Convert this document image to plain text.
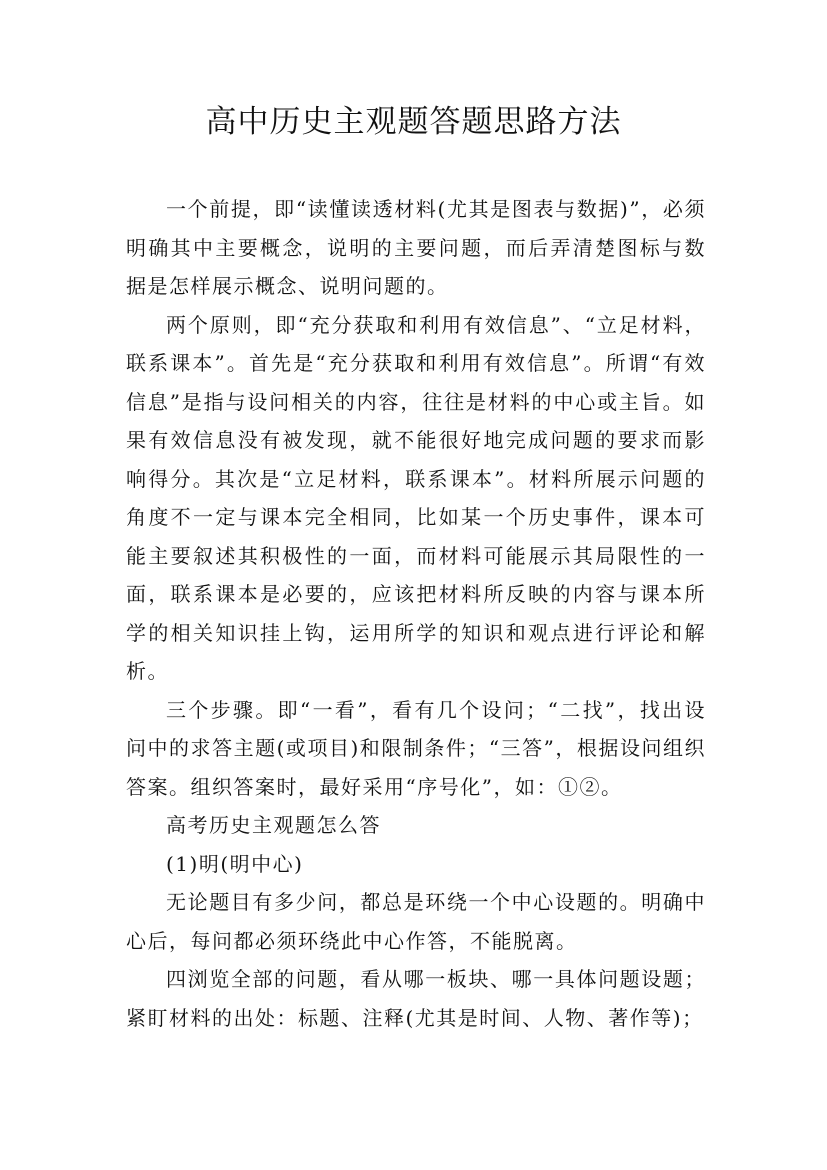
高中历史主观题答题思路方法

一个前提，即“读懂读透材料(尤其是图表与数据)”，必须明确其中主要概念，说明的主要问题，而后弄清楚图标与数据是怎样展示概念、说明问题的。

两个原则，即“充分获取和利用有效信息”、“立足材料，联系课本”。首先是“充分获取和利用有效信息”。所谓“有效信息”是指与设问相关的内容，往往是材料的中心或主旨。如果有效信息没有被发现，就不能很好地完成问题的要求而影响得分。其次是“立足材料，联系课本”。材料所展示问题的角度不一定与课本完全相同，比如某一个历史事件，课本可能主要叙述其积极性的一面，而材料可能展示其局限性的一面，联系课本是必要的，应该把材料所反映的内容与课本所学的相关知识挂上钩，运用所学的知识和观点进行评论和解析。

三个步骤。即“一看”，看有几个设问；“二找”，找出设问中的求答主题(或项目)和限制条件；“三答”，根据设问组织答案。组织答案时，最好采用“序号化”，如：①②。

高考历史主观题怎么答

(1)明(明中心)

无论题目有多少问，都总是环绕一个中心设题的。明确中心后，每问都必须环绕此中心作答，不能脱离。

四浏览全部的问题，看从哪一板块、哪一具体问题设题；紧盯材料的出处：标题、注释(尤其是时间、人物、著作等)；
